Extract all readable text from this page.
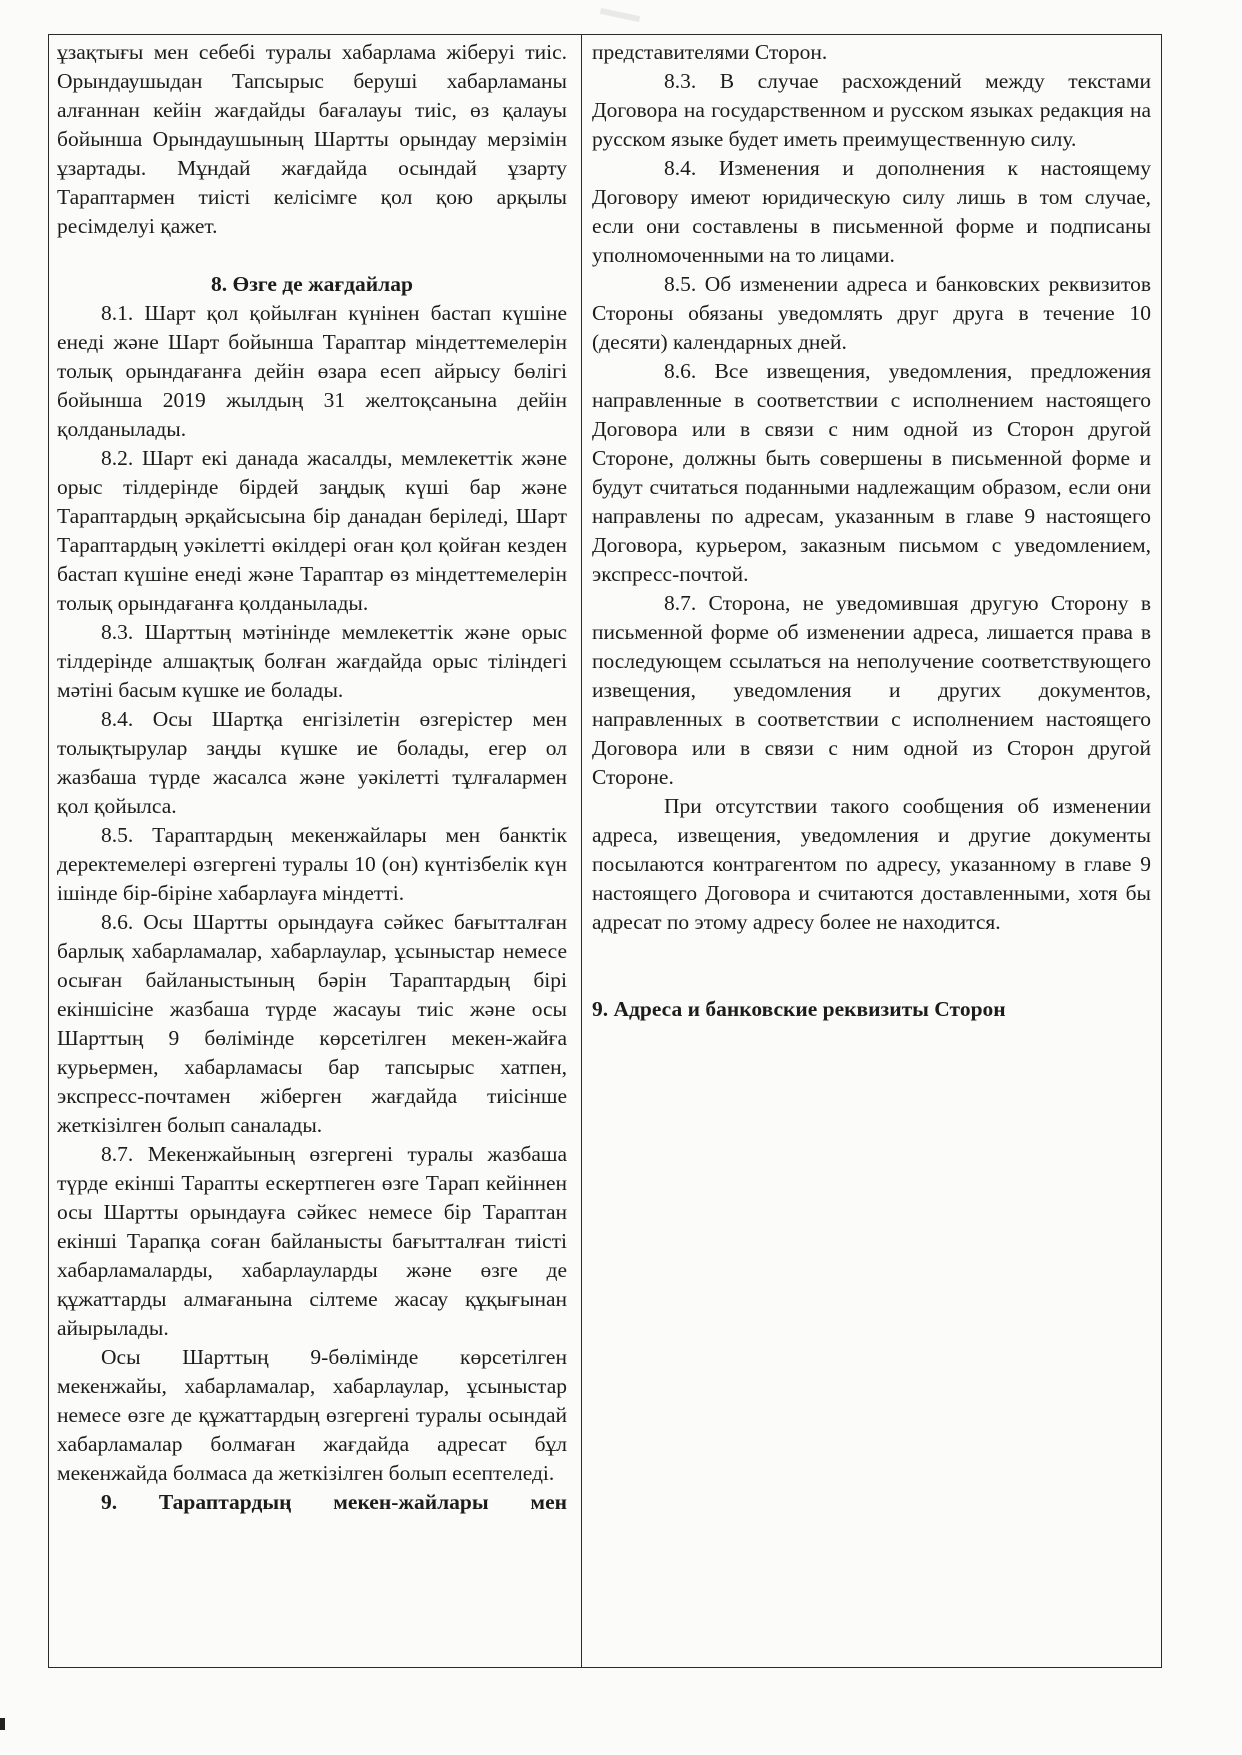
ұзақтығы мен себебі туралы хабарлама жіберуі тиіс. Орындаушыдан Тапсырыс беруші хабарламаны алғаннан кейін жағдайды бағалауы тиіс, өз қалауы бойынша Орындаушының Шартты орындау мерзімін ұзартады. Мұндай жағдайда осындай ұзарту Тараптармен тиісті келісімге қол қою арқылы ресімделуі қажет.

8. Өзге де жағдайлар

8.1. Шарт қол қойылған күнінен бастап күшіне енеді және Шарт бойынша Тараптар міндеттемелерін толық орындағанға дейін өзара есеп айрысу бөлігі бойынша 2019 жылдың 31 желтоқсанына дейін қолданылады.

8.2. Шарт екі данада жасалды, мемлекеттік және орыс тілдерінде бірдей заңдық күші бар және Тараптардың әрқайсысына бір данадан беріледі, Шарт Тараптардың уәкілетті өкілдері оған қол қойған кезден бастап күшіне енеді және Тараптар өз міндеттемелерін толық орындағанға қолданылады.

8.3. Шарттың мәтінінде мемлекеттік және орыс тілдерінде алшақтық болған жағдайда орыс тіліндегі мәтіні басым күшке ие болады.

8.4. Осы Шартқа енгізілетін өзгерістер мен толықтырулар заңды күшке ие болады, егер ол жазбаша түрде жасалса және уәкілетті тұлғалармен қол қойылса.

8.5. Тараптардың мекенжайлары мен банктік деректемелері өзгергені туралы 10 (он) күнтізбелік күн ішінде бір-біріне хабарлауға міндетті.

8.6. Осы Шартты орындауға сәйкес бағытталған барлық хабарламалар, хабарлаулар, ұсыныстар немесе осыған байланыстының бәрін Тараптардың бірі екіншісіне жазбаша түрде жасауы тиіс және осы Шарттың 9 бөлімінде көрсетілген мекен-жайға курьермен, хабарламасы бар тапсырыс хатпен, экспресс-почтамен жіберген жағдайда тиісінше жеткізілген болып саналады.

8.7. Мекенжайының өзгергені туралы жазбаша түрде екінші Тарапты ескертпеген өзге Тарап кейіннен осы Шартты орындауға сәйкес немесе бір Тараптан екінші Тарапқа соған байланысты бағытталған тиісті хабарламаларды, хабарлауларды және өзге де құжаттарды алмағанына сілтеме жасау құқығынан айырылады.

Осы Шарттың 9-бөлімінде көрсетілген мекенжайы, хабарламалар, хабарлаулар, ұсыныстар немесе өзге де құжаттардың өзгергені туралы осындай хабарламалар болмаған жағдайда адресат бұл мекенжайда болмаса да жеткізілген болып есептеледі.

9. Тараптардың мекен-жайлары мен

представителями Сторон.

8.3. В случае расхождений между текстами Договора на государственном и русском языках редакция на русском языке будет иметь преимущественную силу.

8.4. Изменения и дополнения к настоящему Договору имеют юридическую силу лишь в том случае, если они составлены в письменной форме и подписаны уполномоченными на то лицами.

8.5. Об изменении адреса и банковских реквизитов Стороны обязаны уведомлять друг друга в течение 10 (десяти) календарных дней.

8.6. Все извещения, уведомления, предложения направленные в соответствии с исполнением настоящего Договора или в связи с ним одной из Сторон другой Стороне, должны быть совершены в письменной форме и будут считаться поданными надлежащим образом, если они направлены по адресам, указанным в главе 9 настоящего Договора, курьером, заказным письмом с уведомлением, экспресс-почтой.

8.7. Сторона, не уведомившая другую Сторону в письменной форме об изменении адреса, лишается права в последующем ссылаться на неполучение соответствующего извещения, уведомления и других документов, направленных в соответствии с исполнением настоящего Договора или в связи с ним одной из Сторон другой Стороне.

При отсутствии такого сообщения об изменении адреса, извещения, уведомления и другие документы посылаются контрагентом по адресу, указанному в главе 9 настоящего Договора и считаются доставленными, хотя бы адресат по этому адресу более не находится.

9. Адреса и банковские реквизиты Сторон
